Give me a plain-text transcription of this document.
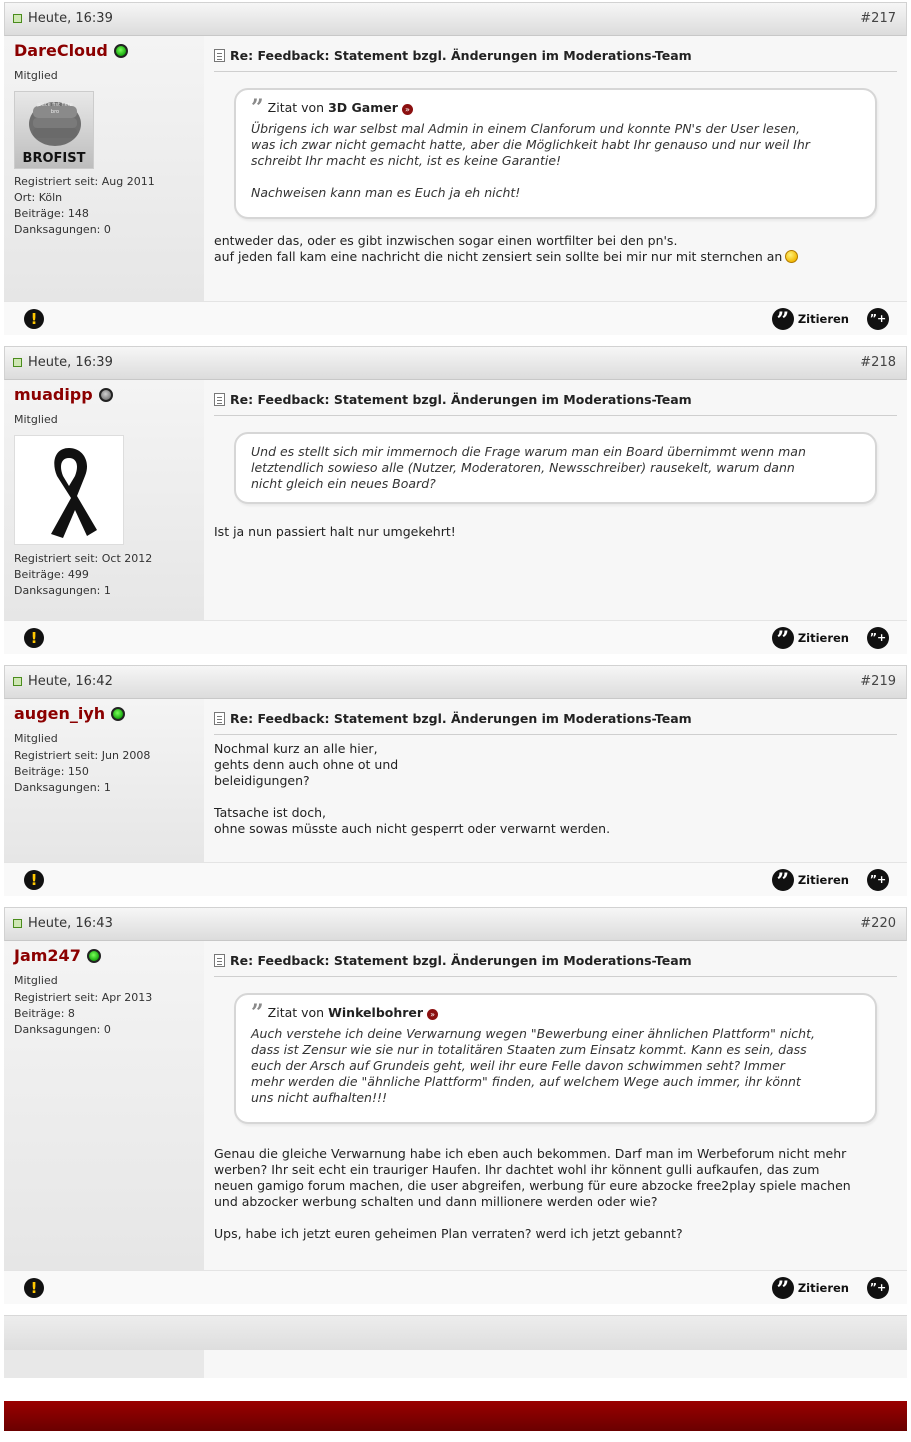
Heute, 16:39	#217
DareCloud
Mitglied
place fist here bro
BROFIST
Registriert seit: Aug 2011
Ort: Köln
Beiträge: 148
Danksagungen: 0
Re: Feedback: Statement bzgl. Änderungen im Moderations-Team
” Zitat von 3D Gamer »
Übrigens ich war selbst mal Admin in einem Clanforum und konnte PN's der User lesen,
was ich zwar nicht gemacht hatte, aber die Möglichkeit habt Ihr genauso und nur weil Ihr
schreibt Ihr macht es nicht, ist es keine Garantie!

Nachweisen kann man es Euch ja eh nicht!
entweder das, oder es gibt inzwischen sogar einen wortfilter bei den pn's.
auf jeden fall kam eine nachricht die nicht zensiert sein sollte bei mir nur mit sternchen an
!	” Zitieren ”+
Heute, 16:39	#218
muadipp
Mitglied
Registriert seit: Oct 2012
Beiträge: 499
Danksagungen: 1
Re: Feedback: Statement bzgl. Änderungen im Moderations-Team
Und es stellt sich mir immernoch die Frage warum man ein Board übernimmt wenn man
letztendlich sowieso alle (Nutzer, Moderatoren, Newsschreiber) rausekelt, warum dann
nicht gleich ein neues Board?
Ist ja nun passiert halt nur umgekehrt!
!	” Zitieren ”+
Heute, 16:42	#219
augen_iyh
Mitglied
Registriert seit: Jun 2008
Beiträge: 150
Danksagungen: 1
Re: Feedback: Statement bzgl. Änderungen im Moderations-Team
Nochmal kurz an alle hier,
gehts denn auch ohne ot und
beleidigungen?

Tatsache ist doch,
ohne sowas müsste auch nicht gesperrt oder verwarnt werden.
!	” Zitieren ”+
Heute, 16:43	#220
Jam247
Mitglied
Registriert seit: Apr 2013
Beiträge: 8
Danksagungen: 0
Re: Feedback: Statement bzgl. Änderungen im Moderations-Team
” Zitat von Winkelbohrer »
Auch verstehe ich deine Verwarnung wegen "Bewerbung einer ähnlichen Plattform" nicht,
dass ist Zensur wie sie nur in totalitären Staaten zum Einsatz kommt. Kann es sein, dass
euch der Arsch auf Grundeis geht, weil ihr eure Felle davon schwimmen seht? Immer
mehr werden die "ähnliche Plattform" finden, auf welchem Wege auch immer, ihr könnt
uns nicht aufhalten!!!
Genau die gleiche Verwarnung habe ich eben auch bekommen. Darf man im Werbeforum nicht mehr
werben? Ihr seit echt ein trauriger Haufen. Ihr dachtet wohl ihr könnent gulli aufkaufen, das zum
neuen gamigo forum machen, die user abgreifen, werbung für eure abzocke free2play spiele machen
und abzocker werbung schalten und dann millionere werden oder wie?

Ups, habe ich jetzt euren geheimen Plan verraten? werd ich jetzt gebannt?
!	” Zitieren ”+
